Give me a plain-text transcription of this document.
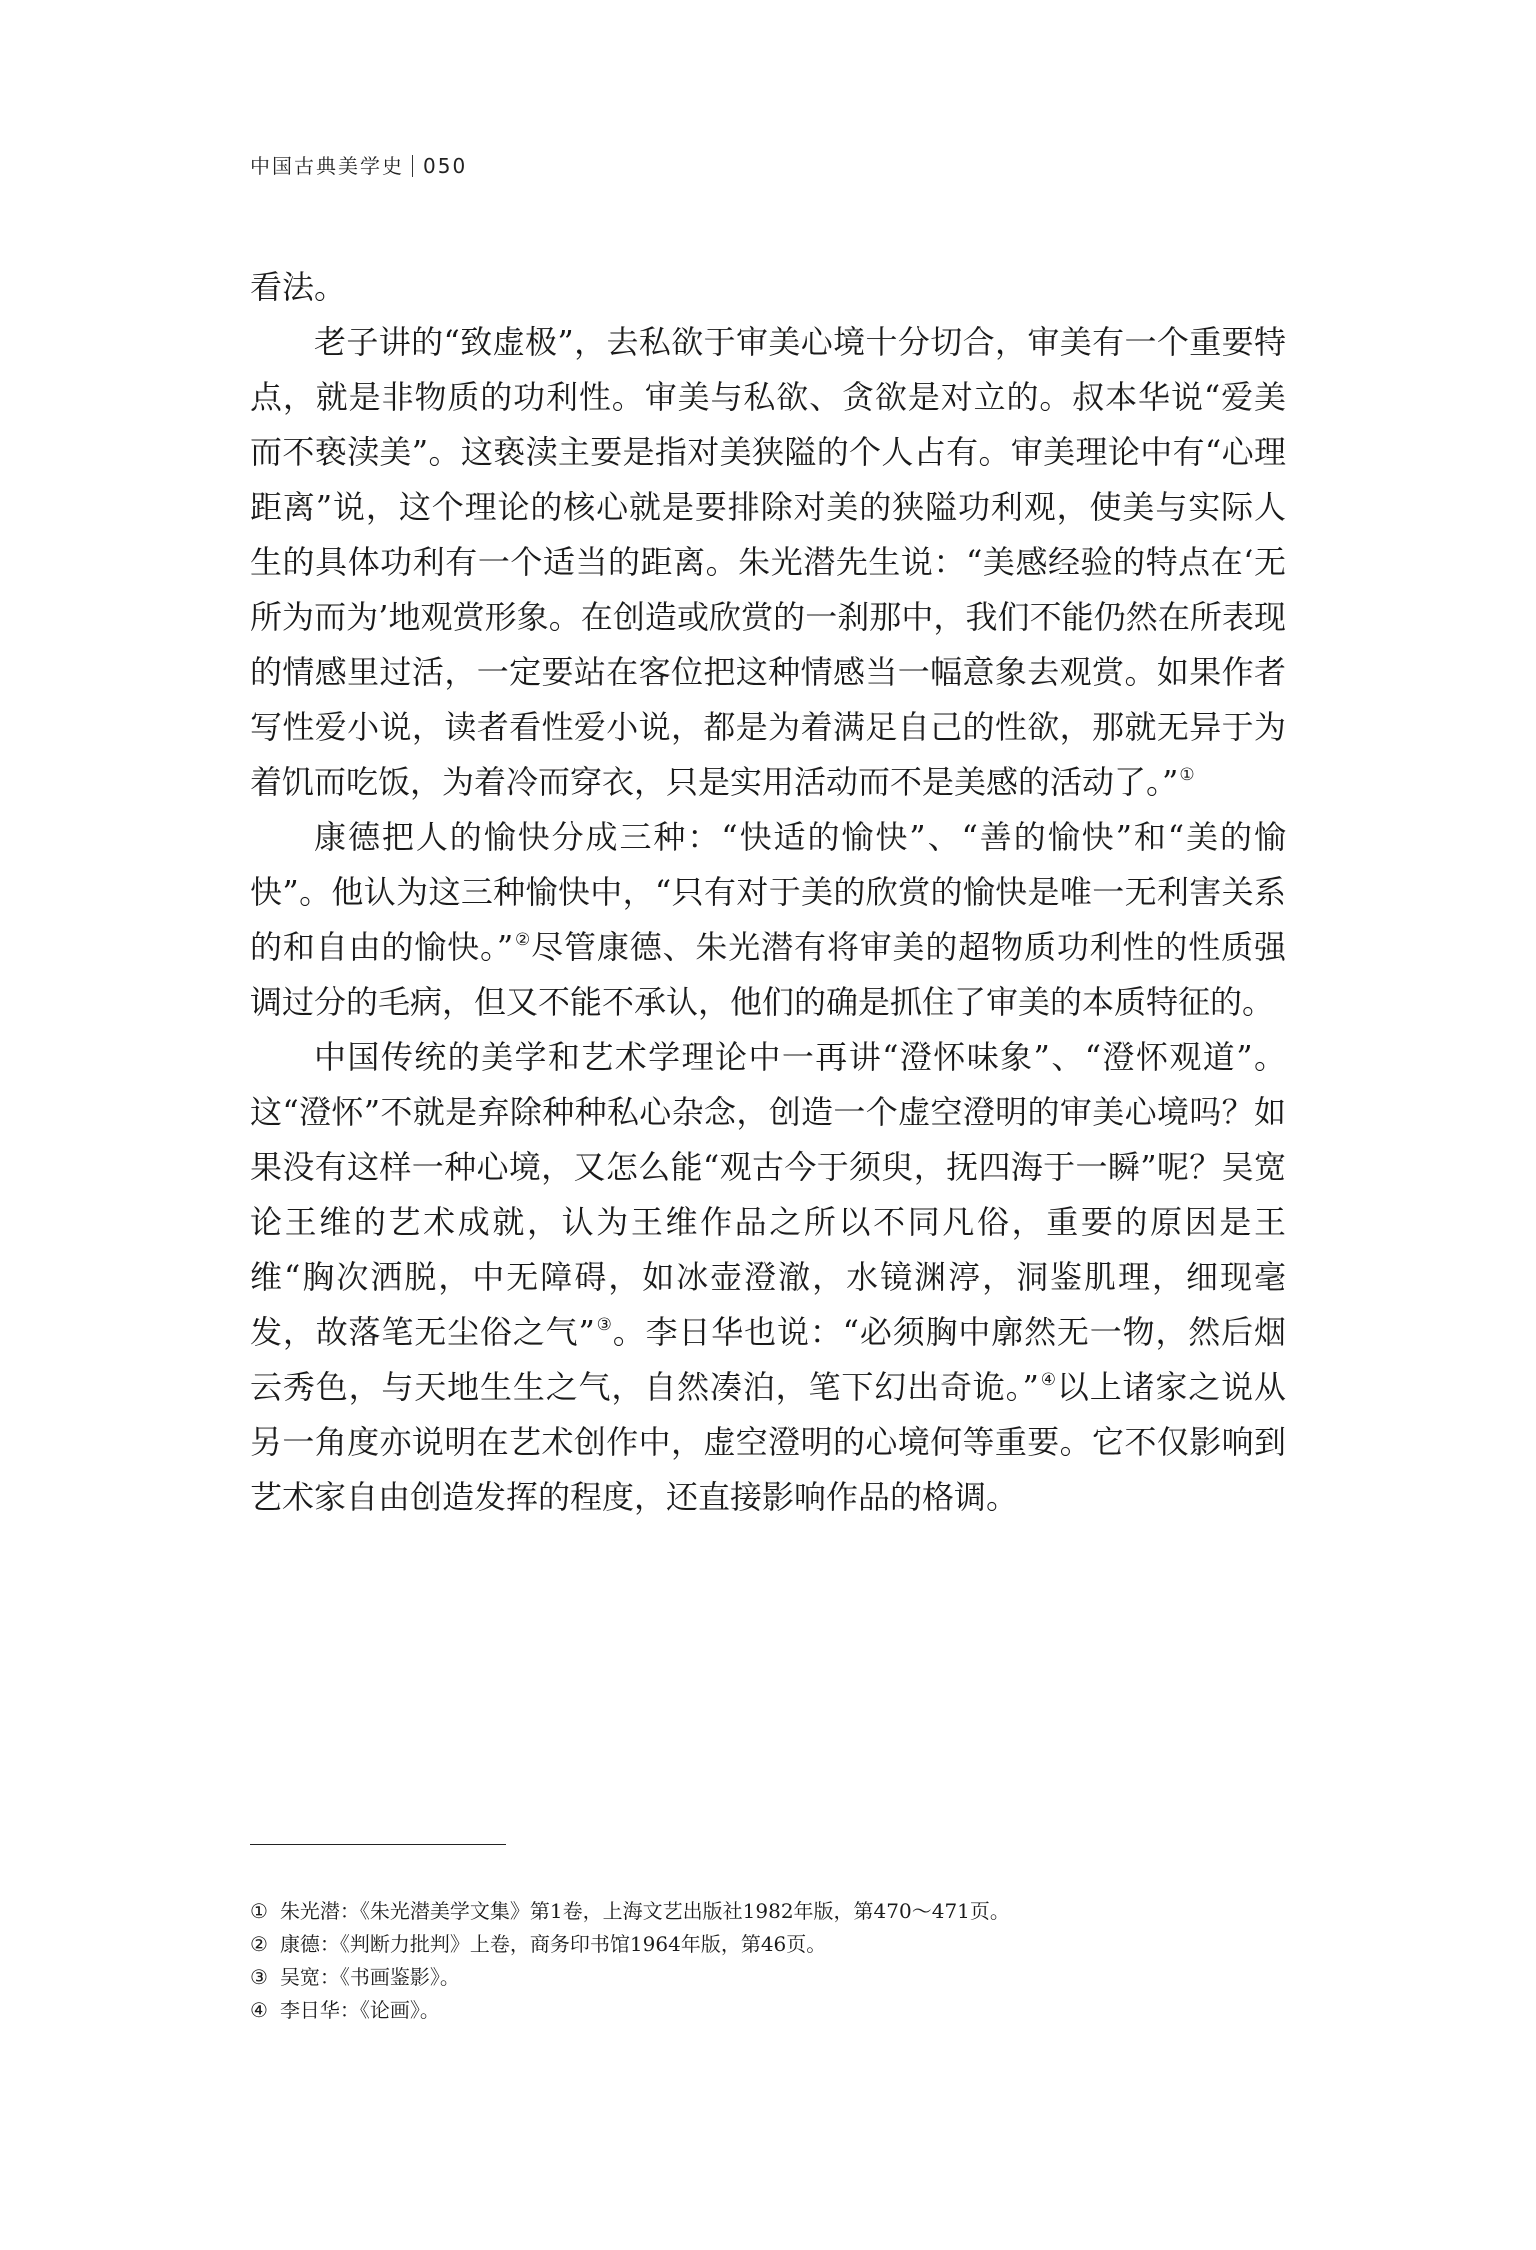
中国古典美学史 050

看法。

老子讲的“致虚极”，去私欲于审美心境十分切合，审美有一个重要特点，就是非物质的功利性。审美与私欲、贪欲是对立的。叔本华说“爱美而不亵渎美”。这亵渎主要是指对美狭隘的个人占有。审美理论中有“心理距离”说，这个理论的核心就是要排除对美的狭隘功利观，使美与实际人生的具体功利有一个适当的距离。朱光潜先生说：“美感经验的特点在‘无所为而为’地观赏形象。在创造或欣赏的一刹那中，我们不能仍然在所表现的情感里过活，一定要站在客位把这种情感当一幅意象去观赏。如果作者写性爱小说，读者看性爱小说，都是为着满足自己的性欲，那就无异于为着饥而吃饭，为着冷而穿衣，只是实用活动而不是美感的活动了。”①

康德把人的愉快分成三种：“快适的愉快”、“善的愉快”和“美的愉快”。他认为这三种愉快中，“只有对于美的欣赏的愉快是唯一无利害关系的和自由的愉快。”②尽管康德、朱光潜有将审美的超物质功利性的性质强调过分的毛病，但又不能不承认，他们的确是抓住了审美的本质特征的。

中国传统的美学和艺术学理论中一再讲“澄怀味象”、“澄怀观道”。这“澄怀”不就是弃除种种私心杂念，创造一个虚空澄明的审美心境吗？如果没有这样一种心境，又怎么能“观古今于须臾，抚四海于一瞬”呢？吴宽论王维的艺术成就，认为王维作品之所以不同凡俗，重要的原因是王维“胸次洒脱，中无障碍，如冰壶澄澈，水镜渊渟，洞鉴肌理，细现毫发，故落笔无尘俗之气”③。李日华也说：“必须胸中廓然无一物，然后烟云秀色，与天地生生之气，自然凑泊，笔下幻出奇诡。”④以上诸家之说从另一角度亦说明在艺术创作中，虚空澄明的心境何等重要。它不仅影响到艺术家自由创造发挥的程度，还直接影响作品的格调。

① 朱光潜：《朱光潜美学文集》第1卷，上海文艺出版社1982年版，第470～471页。
② 康德：《判断力批判》上卷，商务印书馆1964年版，第46页。
③ 吴宽：《书画鉴影》。
④ 李日华：《论画》。
